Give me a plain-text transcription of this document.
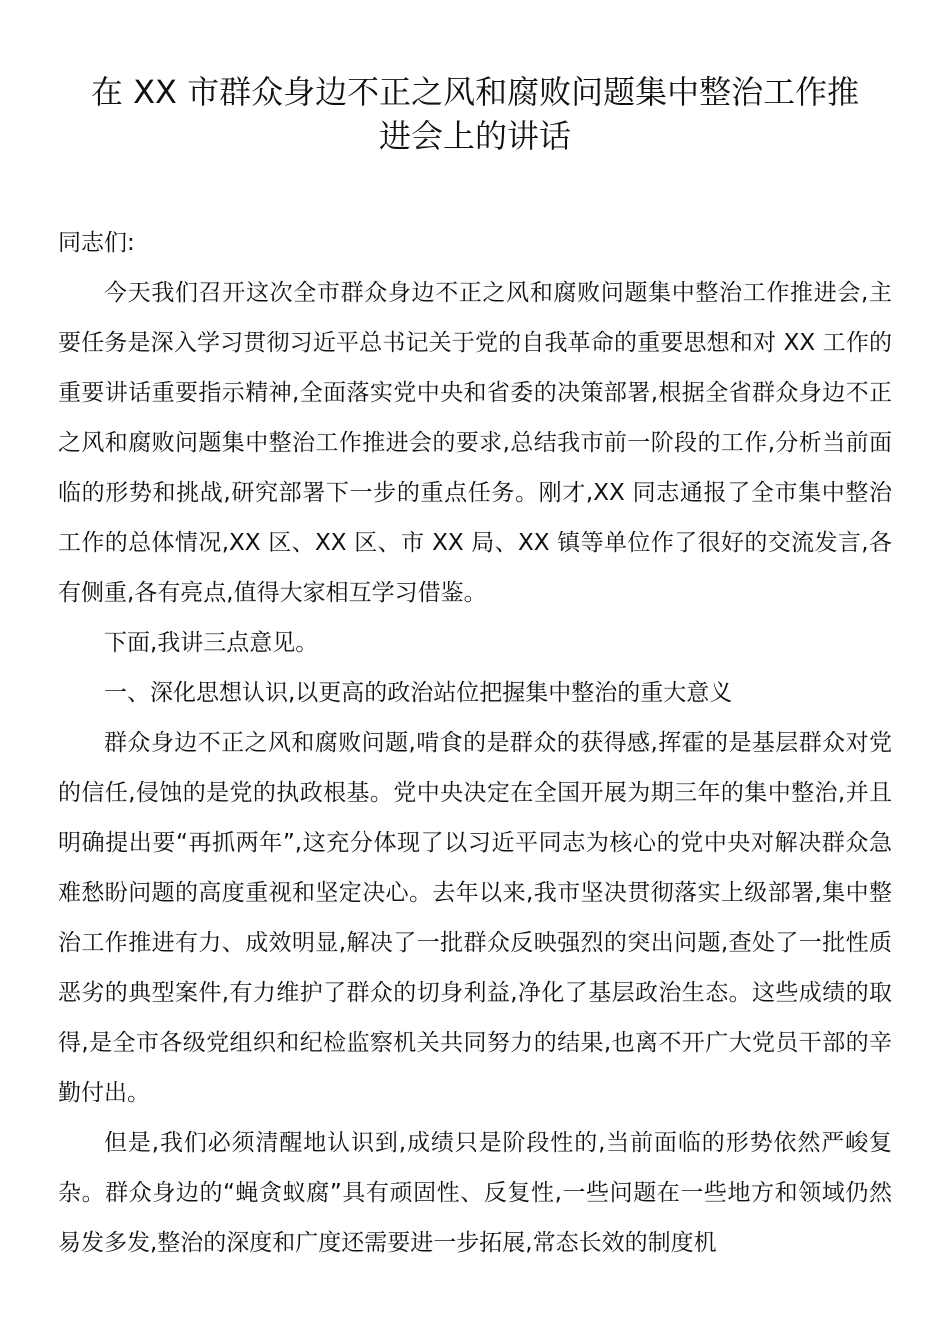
在 XX 市群众身边不正之风和腐败问题集中整治工作推
进会上的讲话

同志们:

今天我们召开这次全市群众身边不正之风和腐败问题集中整治工作推进会,主要任务是深入学习贯彻习近平总书记关于党的自我革命的重要思想和对 XX 工作的重要讲话重要指示精神,全面落实党中央和省委的决策部署,根据全省群众身边不正之风和腐败问题集中整治工作推进会的要求,总结我市前一阶段的工作,分析当前面临的形势和挑战,研究部署下一步的重点任务。刚才,XX 同志通报了全市集中整治工作的总体情况,XX 区、XX 区、市 XX 局、XX 镇等单位作了很好的交流发言,各有侧重,各有亮点,值得大家相互学习借鉴。

下面,我讲三点意见。

一、深化思想认识,以更高的政治站位把握集中整治的重大意义

群众身边不正之风和腐败问题,啃食的是群众的获得感,挥霍的是基层群众对党的信任,侵蚀的是党的执政根基。党中央决定在全国开展为期三年的集中整治,并且明确提出要“再抓两年”,这充分体现了以习近平同志为核心的党中央对解决群众急难愁盼问题的高度重视和坚定决心。去年以来,我市坚决贯彻落实上级部署,集中整治工作推进有力、成效明显,解决了一批群众反映强烈的突出问题,查处了一批性质恶劣的典型案件,有力维护了群众的切身利益,净化了基层政治生态。这些成绩的取得,是全市各级党组织和纪检监察机关共同努力的结果,也离不开广大党员干部的辛勤付出。

但是,我们必须清醒地认识到,成绩只是阶段性的,当前面临的形势依然严峻复杂。群众身边的“蝇贪蚁腐”具有顽固性、反复性,一些问题在一些地方和领域仍然易发多发,整治的深度和广度还需要进一步拓展,常态长效的制度机
